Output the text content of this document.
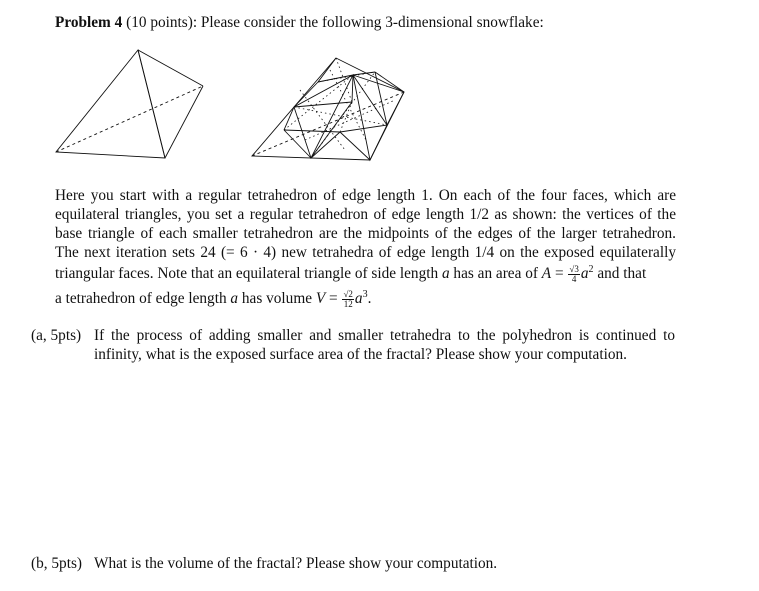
Problem 4 (10 points): Please consider the following 3-dimensional snowflake:
Here you start with a regular tetrahedron of edge length 1. On each of the four faces, which are
equilateral triangles, you set a regular tetrahedron of edge length 1/2 as shown: the vertices of the
base triangle of each smaller tetrahedron are the midpoints of the edges of the larger tetrahedron.
The next iteration sets 24 (= 6 · 4) new tetrahedra of edge length 1/4 on the exposed equilaterally
triangular faces. Note that an equilateral triangle of side length a has an area of $A = \frac{√3}{4} a^2$ and that
a tetrahedron of edge length a has volume $V = \frac{√2}{12} a^3$.
(a, 5pts) If the process of adding smaller and smaller tetrahedra to the polyhedron is continued to
infinity, what is the exposed surface area of the fractal? Please show your computation.
(b, 5pts) What is the volume of the fractal? Please show your computation.
